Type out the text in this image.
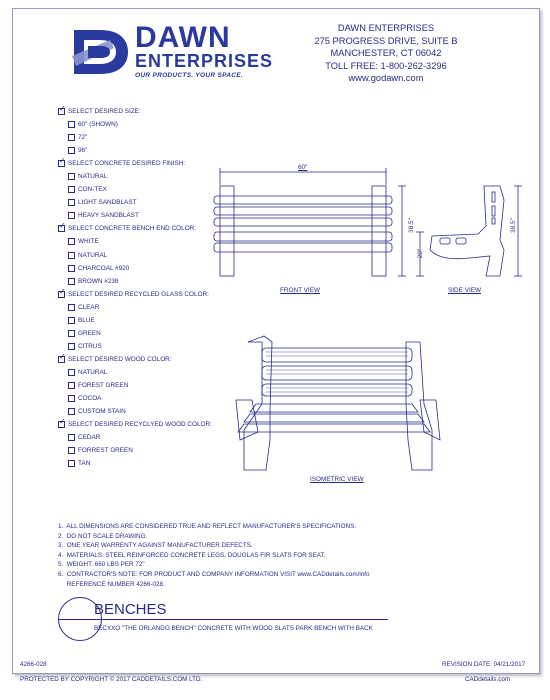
DAWN
ENTERPRISES
OUR PRODUCTS. YOUR SPACE.
DAWN ENTERPRISES
275 PROGRESS DRIVE, SUITE B
MANCHESTER, CT 06042
TOLL FREE: 1-800-262-3296
www.godawn.com
✓
SELECT DESIRED SIZE:
60" (SHOWN)
72"
96"
✓
SELECT CONCRETE DESIRED FINISH:
NATURAL
CON-TEX
LIGHT SANDBLAST
HEAVY SANDBLAST
✓
SELECT CONCRETE BENCH END COLOR:
WHITE
NATURAL
CHARCOAL #920
BROWN #238
✓
SELECT DESIRED RECYCLED GLASS COLOR:
CLEAR
BLUE
GREEN
CITRUS
✓
SELECT DESIRED WOOD COLOR:
NATURAL
FOREST GREEN
COCOA
CUSTOM STAIN
✓
SELECT DESIRED RECYCLYED WOOD COLOR:
CEDAR
FORREST GREEN
TAN
60"
38.5"	38.5"
20"
FRONT VIEW	SIDE VIEW
ISOMETRIC VIEW
1.  ALL DIMENSIONS ARE CONSIDERED TRUE AND REFLECT MANUFACTURER'S SPECIFICATIONS.
2.  DO NOT SCALE DRAWING.
3.  ONE YEAR WARRENTY AGAINST MANUFACTURER DEFECTS.
4.  MATERIALS: STEEL REINFORCED CONCRETE LEGS, DOUGLAS FIR SLATS FOR SEAT.
5.  WEIGHT: 660 LBS PER 72"
6.  CONTRACTOR'S NOTE: FOR PRODUCT AND COMPANY INFORMATION VISIT www.CADdetails.com/info
REFERENCE NUMBER 4266-028.
BENCHES
BECXXO "THE ORLANDO BENCH" CONCRETE WITH WOOD SLATS PARK BENCH WITH BACK
4266-028	REVISION DATE: 04/21/2017
PROTECTED BY COPYRIGHT © 2017 CADDETAILS.COM LTD.	CADdetails.com
